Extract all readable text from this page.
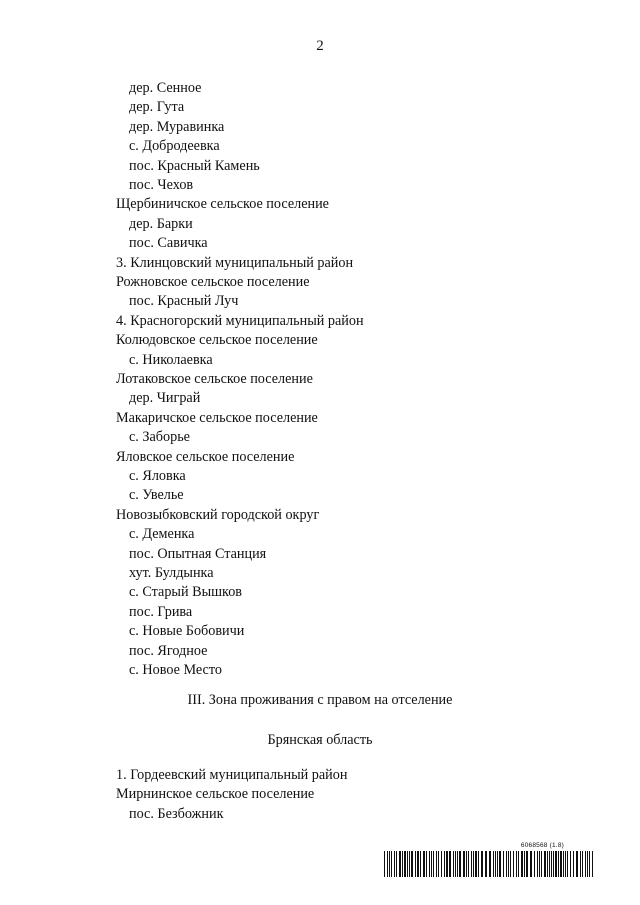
2
дер. Сенное
дер. Гута
дер. Муравинка
с. Добродеевка
пос. Красный Камень
пос. Чехов
Щербиничское сельское поселение
дер. Барки
пос. Савичка
3. Клинцовский муниципальный район
Рожновское сельское поселение
пос. Красный Луч
4. Красногорский муниципальный район
Колюдовское сельское поселение
с. Николаевка
Лотаковское сельское поселение
дер. Чиграй
Макаричское сельское поселение
с. Заборье
Яловское сельское поселение
с. Яловка
с. Увелье
Новозыбковский городской округ
с. Деменка
пос. Опытная Станция
хут. Булдынка
с. Старый Вышков
пос. Грива
с. Новые Бобовичи
пос. Ягодное
с. Новое Место
III. Зона проживания с правом на отселение
Брянская область
1. Гордеевский муниципальный район
Мирнинское сельское поселение
пос. Безбожник
6068568 (1.8)
